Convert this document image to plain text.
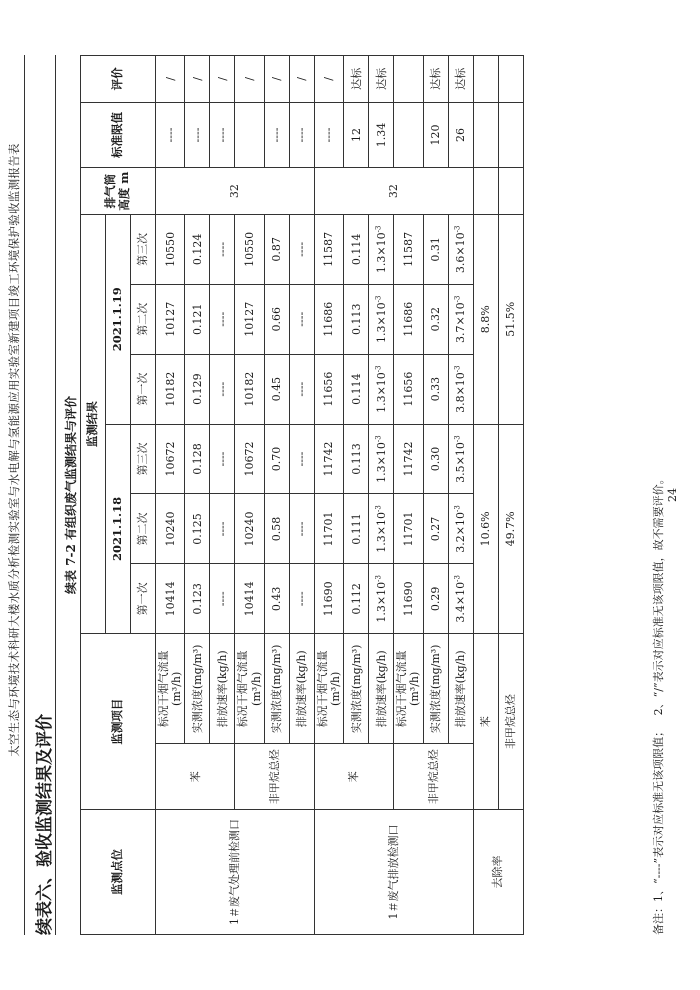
太空生态与环境技术科研大楼水质分析检测实验室与水电解与氢能源应用实验室新建项目竣工环境保护验收监测报告表
续表六、验收监测结果及评价
续表 7-2 有组织废气监测结果与评价
监测点位	监测项目		监测结果						排气筒高度 m	标准限值	评价
			2021.1.18			2021.1.19					
			第一次	第二次	第三次	第一次	第二次	第三次			
1＃废气处理前检测口	苯	标况干烟气流量 (m³/h)	10414	10240	10672	10182	10127	10550	32	----	/
		实测浓度(mg/m³)	0.123	0.125	0.128	0.129	0.121	0.124		----	/
		排放速率(kg/h)	----	----	----	----	----	----		----	/
	非甲烷总烃	标况干烟气流量 (m³/h)	10414	10240	10672	10182	10127	10550			/
		实测浓度(mg/m³)	0.43	0.58	0.70	0.45	0.66	0.87		----	/
		排放速率(kg/h)	----	----	----	----	----	----		----	/
1＃废气排放检测口	苯	标况干烟气流量 (m³/h)	11690	11701	11742	11656	11686	11587	32	----	/
		实测浓度(mg/m³)	0.112	0.111	0.113	0.114	0.113	0.114		12	达标
		排放速率(kg/h)	$1.3\times 10^{-3}$	$1.3\times 10^{-3}$	$1.3\times 10^{-3}$	$1.3\times 10^{-3}$	$1.3\times 10^{-3}$	$1.3\times 10^{-3}$		1.34	达标
	非甲烷总烃	标况干烟气流量 (m³/h)	11690	11701	11742	11656	11686	11587			
		实测浓度(mg/m³)	0.29	0.27	0.30	0.33	0.32	0.31		120	达标
		排放速率(kg/h)	$3.4\times 10^{-3}$	$3.2\times 10^{-3}$	$3.5\times 10^{-3}$	$3.8\times 10^{-3}$	$3.7\times 10^{-3}$	$3.6\times 10^{-3}$		26	达标
去除率	苯		10.6%			8.8%					
	非甲烷总烃		49.7%			51.5%					
备注：1、“----”表示对应标准无该项限值；   2、“/”表示对应标准无该项限值，故不需要评价。 24
